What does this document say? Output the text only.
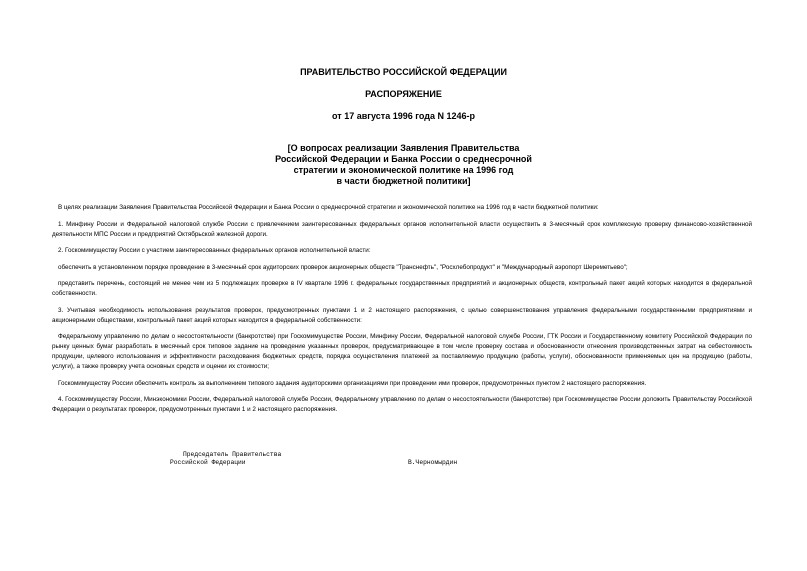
ПРАВИТЕЛЬСТВО РОССИЙСКОЙ ФЕДЕРАЦИИ
РАСПОРЯЖЕНИЕ
от 17 августа 1996 года N 1246-р
[О вопросах реализации Заявления Правительства
Российской Федерации и Банка России о среднесрочной
стратегии и экономической политике на 1996 год
в части бюджетной политики]

В целях реализации Заявления Правительства Российской Федерации и Банка России о среднесрочной стратегии и экономической политике на 1996 год в части бюджетной политики:

1. Минфину России и Федеральной налоговой службе России с привлечением заинтересованных федеральных органов исполнительной власти осуществить в 3-месячный срок комплексную проверку финансово-хозяйственной деятельности МПС России и предприятий Октябрьской железной дороги.

2. Госкомимуществу России с участием заинтересованных федеральных органов исполнительной власти:

обеспечить в установленном порядке проведение в 3-месячный срок аудиторских проверок акционерных обществ "Транснефть", "Росхлебопродукт" и "Международный аэропорт Шереметьево";

представить перечень, состоящий не менее чем из 5 подлежащих проверке в IV квартале 1996 г. федеральных государственных предприятий и акционерных обществ, контрольный пакет акций которых находится в федеральной собственности.

3. Учитывая необходимость использования результатов проверок, предусмотренных пунктами 1 и 2 настоящего распоряжения, с целью совершенствования управления федеральными государственными предприятиями и акционерными обществами, контрольный пакет акций которых находится в федеральной собственности:

Федеральному управлению по делам о несостоятельности (банкротстве) при Госкомимуществе России, Минфину России, Федеральной налоговой службе России, ГТК России и Государственному комитету Российской Федерации по рынку ценных бумаг разработать в месячный срок типовое задание на проведение указанных проверок, предусматривающее в том числе проверку состава и обоснованности отнесения производственных затрат на себестоимость продукции, целевого использования и эффективности расходования бюджетных средств, порядка осуществления платежей за поставляемую продукцию (работы, услуги), обоснованности применяемых цен на продукцию (работы, услуги), а также проверку учета основных средств и оценки их стоимости;

Госкомимуществу России обеспечить контроль за выполнением типового задания аудиторскими организациями при проведении ими проверок, предусмотренных пунктом 2 настоящего распоряжения.

4. Госкомимуществу России, Минэкономики России, Федеральной налоговой службе России, Федеральному управлению по делам о несостоятельности (банкротстве) при Госкомимуществе России доложить Правительству Российской Федерации о результатах проверок, предусмотренных пунктами 1 и 2 настоящего распоряжения.

Председатель Правительства
Российской Федерации	В.Черномырдин
